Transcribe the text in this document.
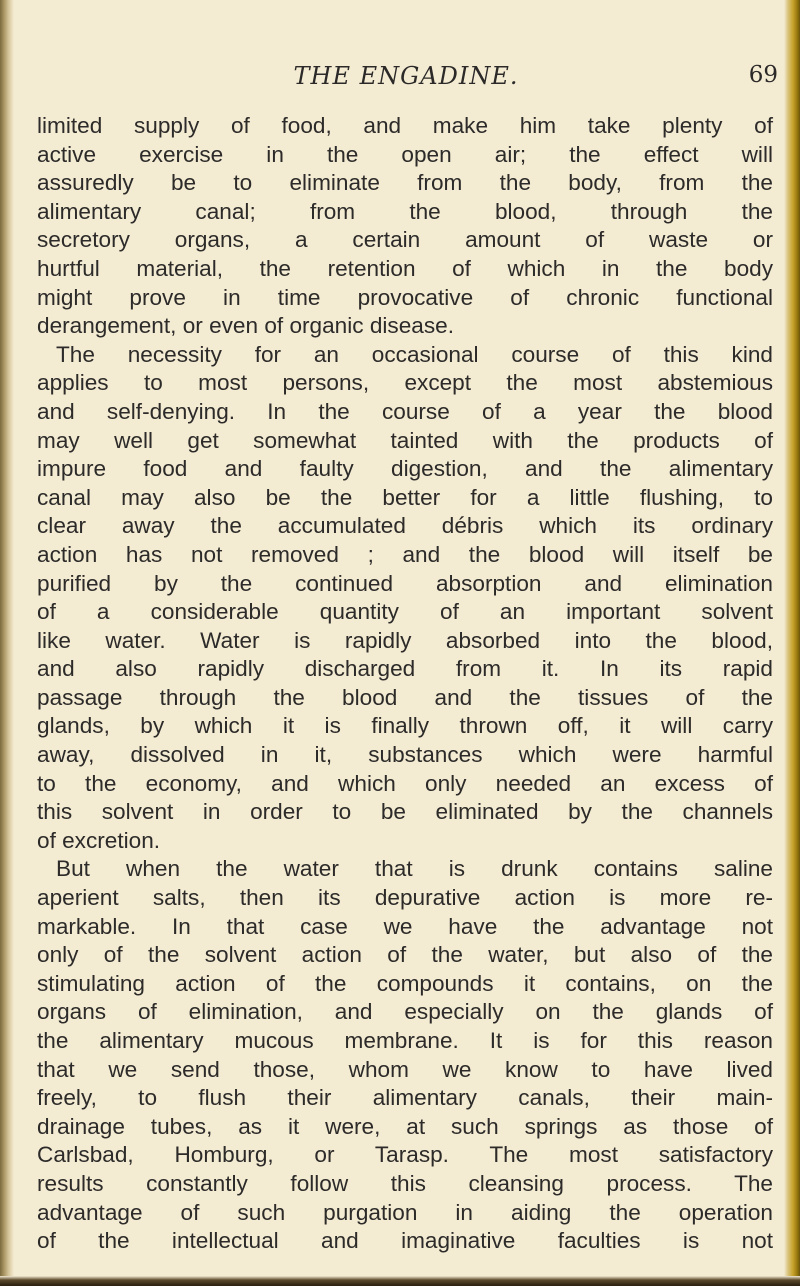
THE ENGADINE.	69

limited supply of food, and make him take plenty of
active exercise in the open air; the effect will
assuredly be to eliminate from the body, from the
alimentary canal; from the blood, through the
secretory organs, a certain amount of waste or
hurtful material, the retention of which in the body
might prove in time provocative of chronic functional
derangement, or even of organic disease.
The necessity for an occasional course of this kind
applies to most persons, except the most abstemious
and self-denying. In the course of a year the blood
may well get somewhat tainted with the products of
impure food and faulty digestion, and the alimentary
canal may also be the better for a little flushing, to
clear away the accumulated débris which its ordinary
action has not removed ; and the blood will itself be
purified by the continued absorption and elimination
of a considerable quantity of an important solvent
like water. Water is rapidly absorbed into the blood,
and also rapidly discharged from it. In its rapid
passage through the blood and the tissues of the
glands, by which it is finally thrown off, it will carry
away, dissolved in it, substances which were harmful
to the economy, and which only needed an excess of
this solvent in order to be eliminated by the channels
of excretion.
But when the water that is drunk contains saline
aperient salts, then its depurative action is more re-
markable. In that case we have the advantage not
only of the solvent action of the water, but also of the
stimulating action of the compounds it contains, on the
organs of elimination, and especially on the glands of
the alimentary mucous membrane. It is for this reason
that we send those, whom we know to have lived
freely, to flush their alimentary canals, their main-
drainage tubes, as it were, at such springs as those of
Carlsbad, Homburg, or Tarasp. The most satisfactory
results constantly follow this cleansing process. The
advantage of such purgation in aiding the operation
of the intellectual and imaginative faculties is not
